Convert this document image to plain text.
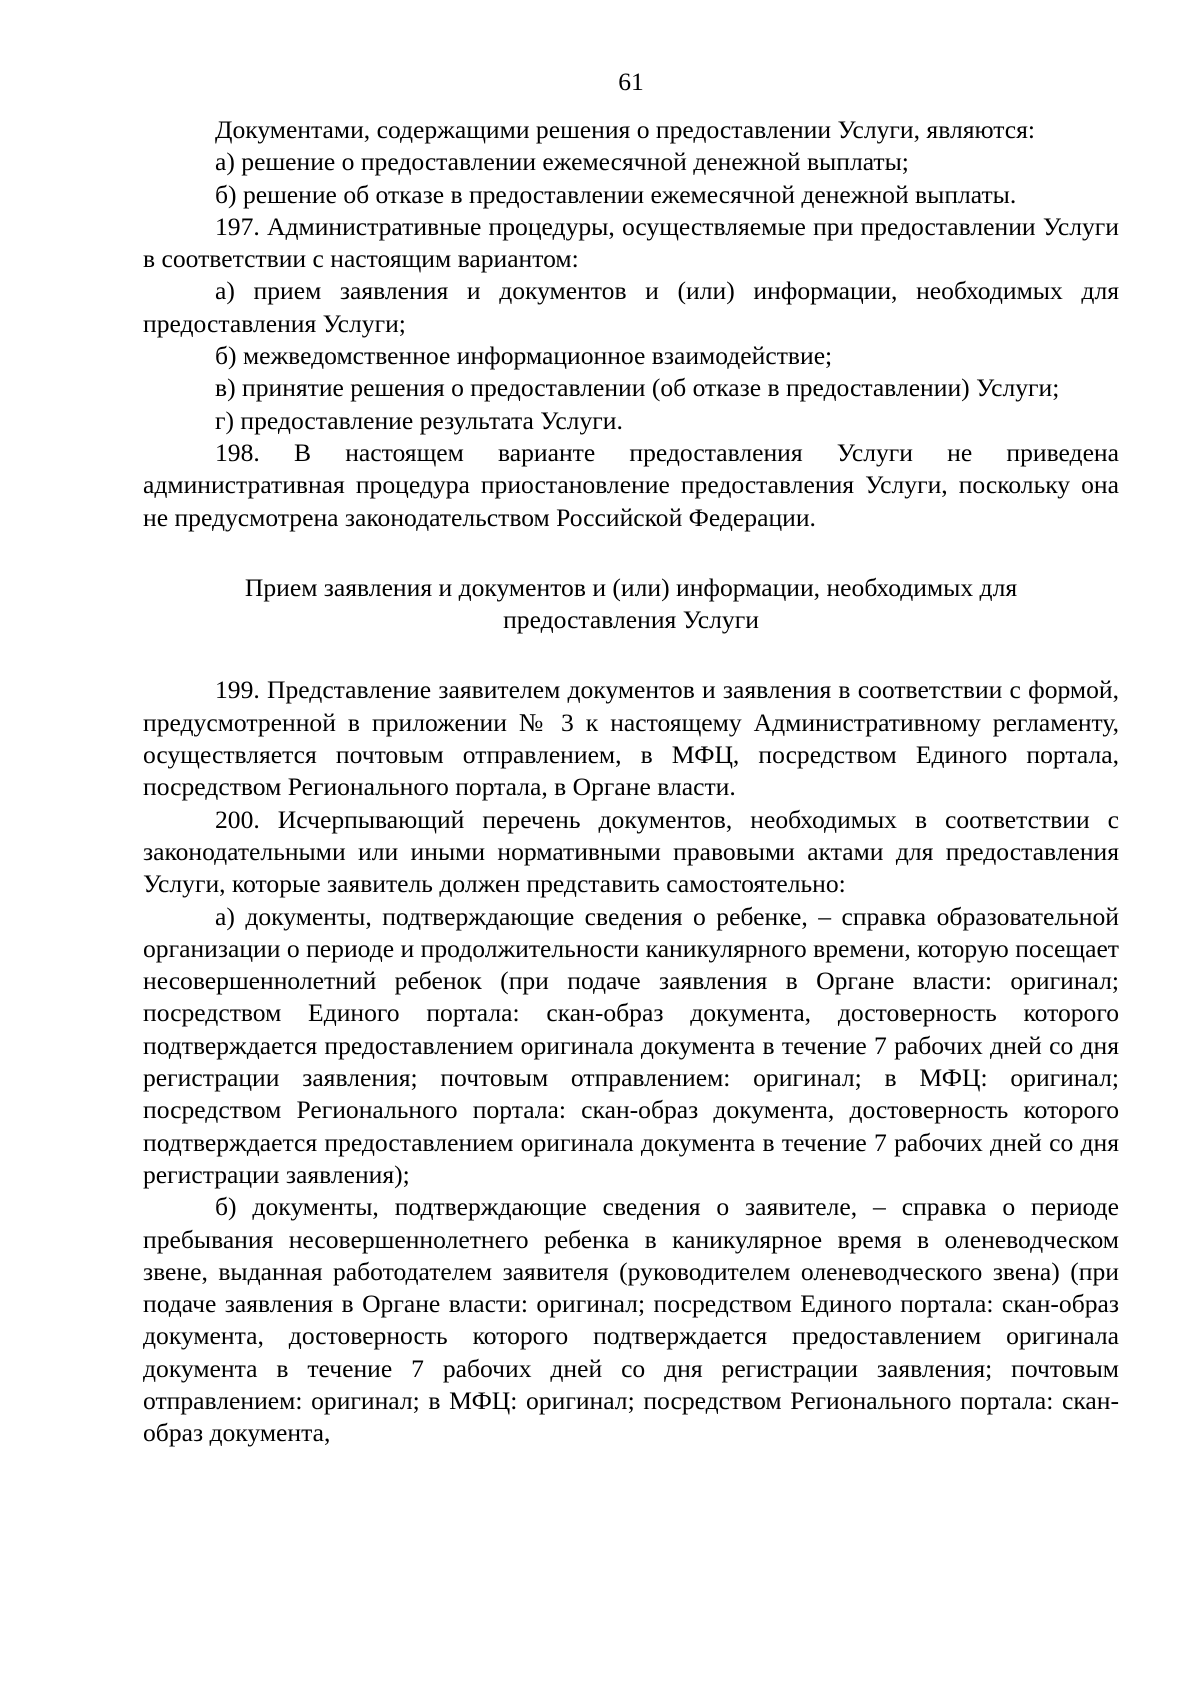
61

Документами, содержащими решения о предоставлении Услуги, являются:

а) решение о предоставлении ежемесячной денежной выплаты;

б) решение об отказе в предоставлении ежемесячной денежной выплаты.

197. Административные процедуры, осуществляемые при предоставлении Услуги в соответствии с настоящим вариантом:

а) прием заявления и документов и (или) информации, необходимых для предоставления Услуги;

б) межведомственное информационное взаимодействие;

в) принятие решения о предоставлении (об отказе в предоставлении) Услуги;

г) предоставление результата Услуги.

198. В настоящем варианте предоставления Услуги не приведена административная процедура приостановление предоставления Услуги, поскольку она не предусмотрена законодательством Российской Федерации.

Прием заявления и документов и (или) информации, необходимых для предоставления Услуги

199. Представление заявителем документов и заявления в соответствии с формой, предусмотренной в приложении № 3 к настоящему Административному регламенту, осуществляется почтовым отправлением, в МФЦ, посредством Единого портала, посредством Регионального портала, в Органе власти.

200. Исчерпывающий перечень документов, необходимых в соответствии с законодательными или иными нормативными правовыми актами для предоставления Услуги, которые заявитель должен представить самостоятельно:

а) документы, подтверждающие сведения о ребенке, – справка образовательной организации о периоде и продолжительности каникулярного времени, которую посещает несовершеннолетний ребенок (при подаче заявления в Органе власти: оригинал; посредством Единого портала: скан-образ документа, достоверность которого подтверждается предоставлением оригинала документа в течение 7 рабочих дней со дня регистрации заявления; почтовым отправлением: оригинал; в МФЦ: оригинал; посредством Регионального портала: скан-образ документа, достоверность которого подтверждается предоставлением оригинала документа в течение 7 рабочих дней со дня регистрации заявления);

б) документы, подтверждающие сведения о заявителе, – справка о периоде пребывания несовершеннолетнего ребенка в каникулярное время в оленеводческом звене, выданная работодателем заявителя (руководителем оленеводческого звена) (при подаче заявления в Органе власти: оригинал; посредством Единого портала: скан-образ документа, достоверность которого подтверждается предоставлением оригинала документа в течение 7 рабочих дней со дня регистрации заявления; почтовым отправлением: оригинал; в МФЦ: оригинал; посредством Регионального портала: скан-образ документа,
